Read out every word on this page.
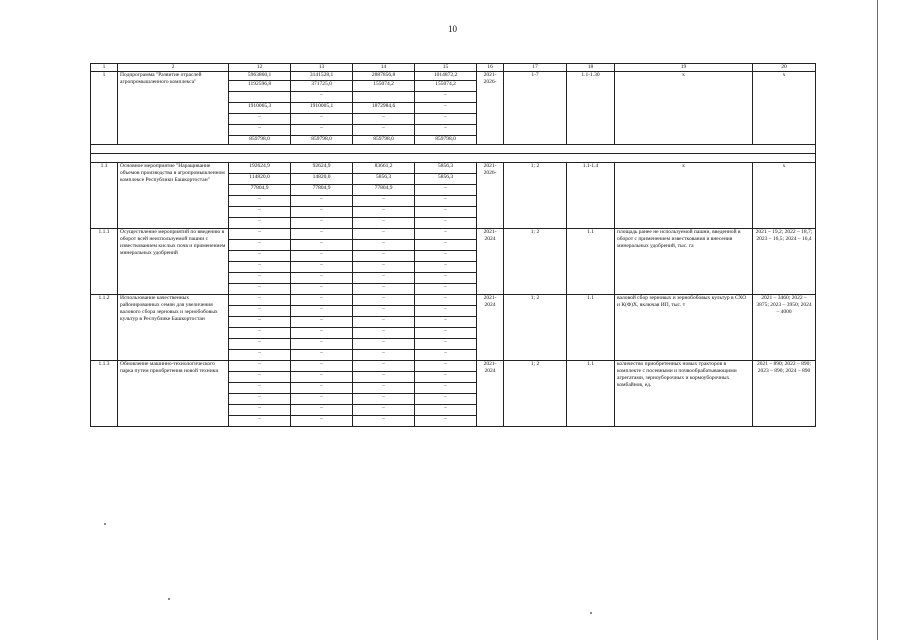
10
1	2	12	13	14	15	16	17	18	19	20
1	Подпрограмма "Развитие отраслей агропромышленного комплекса"	5963860,1	3141528,1	2887856,8	1014872,2	2021-2026-	1-7	1.1-1.30	x	x
		1192596,8	371725,0	155074,2	155074,2					
			–		–					
		1910065,3	1910005,1	1872984,6	–					
		–	–	–	–					
		–	–	–	–					
		859798,0	859798,0	859798,0	859798,0					

1.1	Основное мероприятие "Наращивание объемов производства в агропромышленном комплексе Республики Башкортостан"	192624,9	92624,9	83661,2	5856,3	2021-2026-	1; 2	1.1-1.4	x	x
		114820,0	14820,0	5856,3	5856,3					
		77804,9	77804,9	77804,9	–					
		–	–	–	–					
		–	–	–	–					
		–	–	–	–					
1.1.1	Осуществление мероприятий по введению в оборот всей неиспользуемой пашни с известкованием кислых почв и применением минеральных удобрений	–	–	–	–	2021-2024	1; 2	1.1	площадь ранее не используемой пашни, введенной в оборот с применением известкования и внесения минеральных удобрений, тыс. га	2021 – 19,2; 2022 – 18,7; 2023 – 16,5; 2024 – 16,4
		–	–	–	–					
		–	–	–	–					
		–	–	–	–					
		–	–	–	–					
		–	–	–	–					
1.1.2	Использование качественных районированных семян для увеличения валового сбора зерновых и зернобобовых культур в Республике Башкортостан	–	–	–	–	2021-2024	1; 2	1.1	валовой сбор зерновых и зернобобовых культур в СХО и К(Ф)Х, включая ИП, тыс. т	2021 – 3460; 2022 – 3875; 2023 – 3950; 2024 – 4000
		–	–	–	–					
		–	–	–	–					
		–	–	–	–					
		–	–	–	–					
		–	–	–	–					
1.1.3	Обновление машинно-технологического парка путем приобретения новой техники	–	–	–	–	2021-2024	1; 2	1.1	количество приобретенных новых тракторов в комплекте с посевными и почвообрабатывающими агрегатами, зерноуборочных и кормоуборочных комбайнов, ед.	2021 – 890; 2022 – 890; 2023 – 890; 2024 – 890
		–	–	–	–					
		–	–	–	–					
		–	–	–	–					
		–	–	–	–					
		–	–	–	–					
